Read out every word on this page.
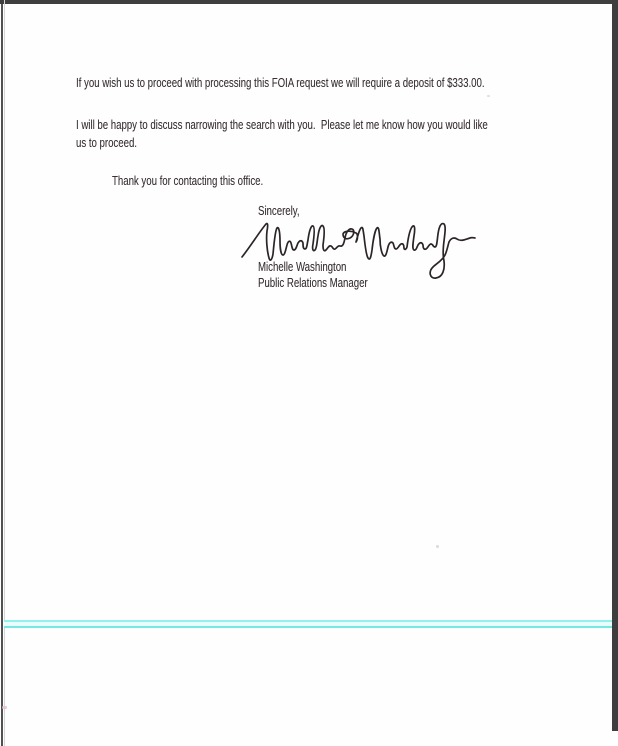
If you wish us to proceed with processing this FOIA request we will require a deposit of $333.00.

I will be happy to discuss narrowing the search with you.  Please let me know how you would like
us to proceed.

Thank you for contacting this office.

Sincerely,

Michelle Washington

Public Relations Manager
